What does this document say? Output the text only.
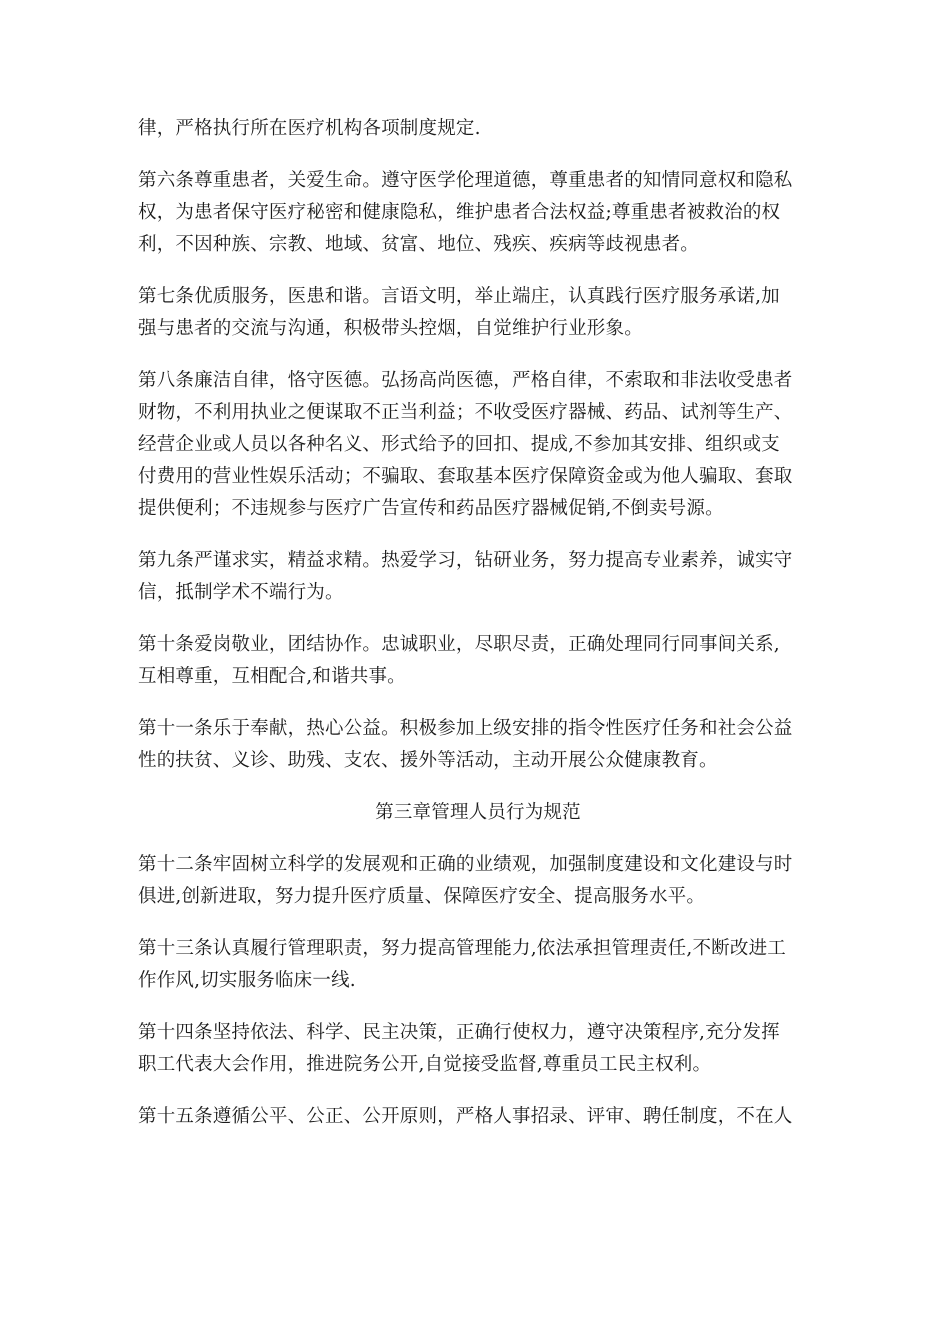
律，严格执行所在医疗机构各项制度规定.

第六条尊重患者，关爱生命。遵守医学伦理道德，尊重患者的知情同意权和隐私
权，为患者保守医疗秘密和健康隐私，维护患者合法权益;尊重患者被救治的权
利，不因种族、宗教、地域、贫富、地位、残疾、疾病等歧视患者。

第七条优质服务，医患和谐。言语文明，举止端庄，认真践行医疗服务承诺,加
强与患者的交流与沟通，积极带头控烟，自觉维护行业形象。

第八条廉洁自律，恪守医德。弘扬高尚医德，严格自律，不索取和非法收受患者
财物，不利用执业之便谋取不正当利益；不收受医疗器械、药品、试剂等生产、
经营企业或人员以各种名义、形式给予的回扣、提成,不参加其安排、组织或支
付费用的营业性娱乐活动；不骗取、套取基本医疗保障资金或为他人骗取、套取
提供便利；不违规参与医疗广告宣传和药品医疗器械促销,不倒卖号源。

第九条严谨求实，精益求精。热爱学习，钻研业务，努力提高专业素养，诚实守
信，抵制学术不端行为。

第十条爱岗敬业，团结协作。忠诚职业，尽职尽责，正确处理同行同事间关系,
互相尊重，互相配合,和谐共事。

第十一条乐于奉献，热心公益。积极参加上级安排的指令性医疗任务和社会公益
性的扶贫、义诊、助残、支农、援外等活动，主动开展公众健康教育。

第三章管理人员行为规范

第十二条牢固树立科学的发展观和正确的业绩观，加强制度建设和文化建设与时
俱进,创新进取，努力提升医疗质量、保障医疗安全、提高服务水平。

第十三条认真履行管理职责，努力提高管理能力,依法承担管理责任,不断改进工
作作风,切实服务临床一线.

第十四条坚持依法、科学、民主决策，正确行使权力，遵守决策程序,充分发挥
职工代表大会作用，推进院务公开,自觉接受监督,尊重员工民主权利。

第十五条遵循公平、公正、公开原则，严格人事招录、评审、聘任制度，不在人
